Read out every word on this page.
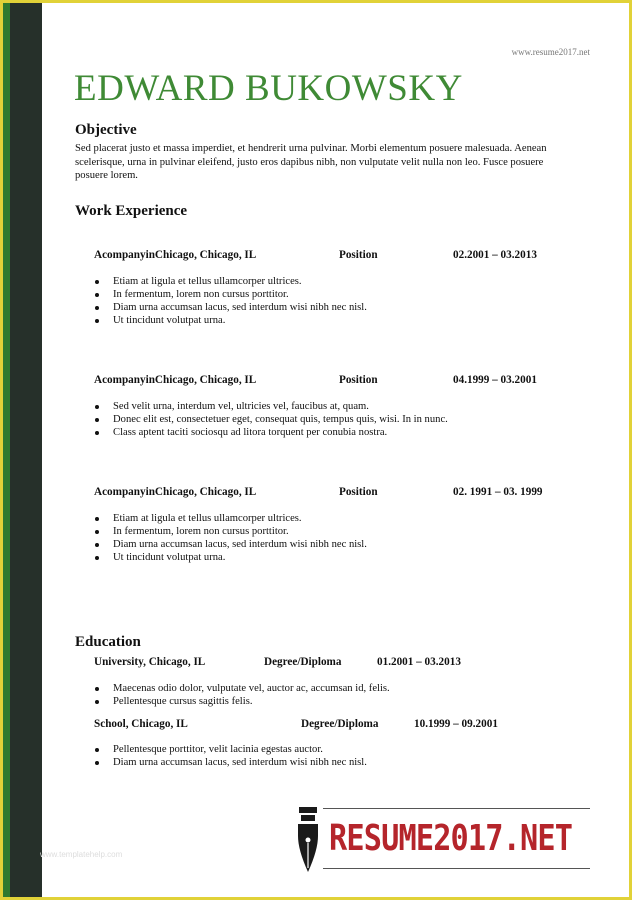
www.resume2017.net
EDWARD BUKOWSKY
Objective

Sed placerat justo et massa imperdiet, et hendrerit urna pulvinar. Morbi elementum posuere malesuada. Aenean scelerisque, urna in pulvinar eleifend, justo eros dapibus nibh, non vulputate velit nulla non leo. Fusce posuere posuere lorem.

Work Experience
AcompanyinChicago, Chicago, IL	Position	02.2001 – 03.2013
Etiam at ligula et tellus ullamcorper ultrices.
In fermentum, lorem non cursus porttitor.
Diam urna accumsan lacus, sed interdum wisi nibh nec nisl.
Ut tincidunt volutpat urna.
AcompanyinChicago, Chicago, IL	Position	04.1999 – 03.2001
Sed velit urna, interdum vel, ultricies vel, faucibus at, quam.
Donec elit est, consectetuer eget, consequat quis, tempus quis, wisi. In in nunc.
Class aptent taciti sociosqu ad litora torquent per conubia nostra.
AcompanyinChicago, Chicago, IL	Position	02. 1991 – 03. 1999
Etiam at ligula et tellus ullamcorper ultrices.
In fermentum, lorem non cursus porttitor.
Diam urna accumsan lacus, sed interdum wisi nibh nec nisl.
Ut tincidunt volutpat urna.
Education
University, Chicago, IL	Degree/Diploma	01.2001 – 03.2013
Maecenas odio dolor, vulputate vel, auctor ac, accumsan id, felis.
Pellentesque cursus sagittis felis.
School, Chicago, IL	Degree/Diploma	10.1999 – 09.2001
Pellentesque porttitor, velit lacinia egestas auctor.
Diam urna accumsan lacus, sed interdum wisi nibh nec nisl.
www.templatehelp.com	RESUME2017.NET
